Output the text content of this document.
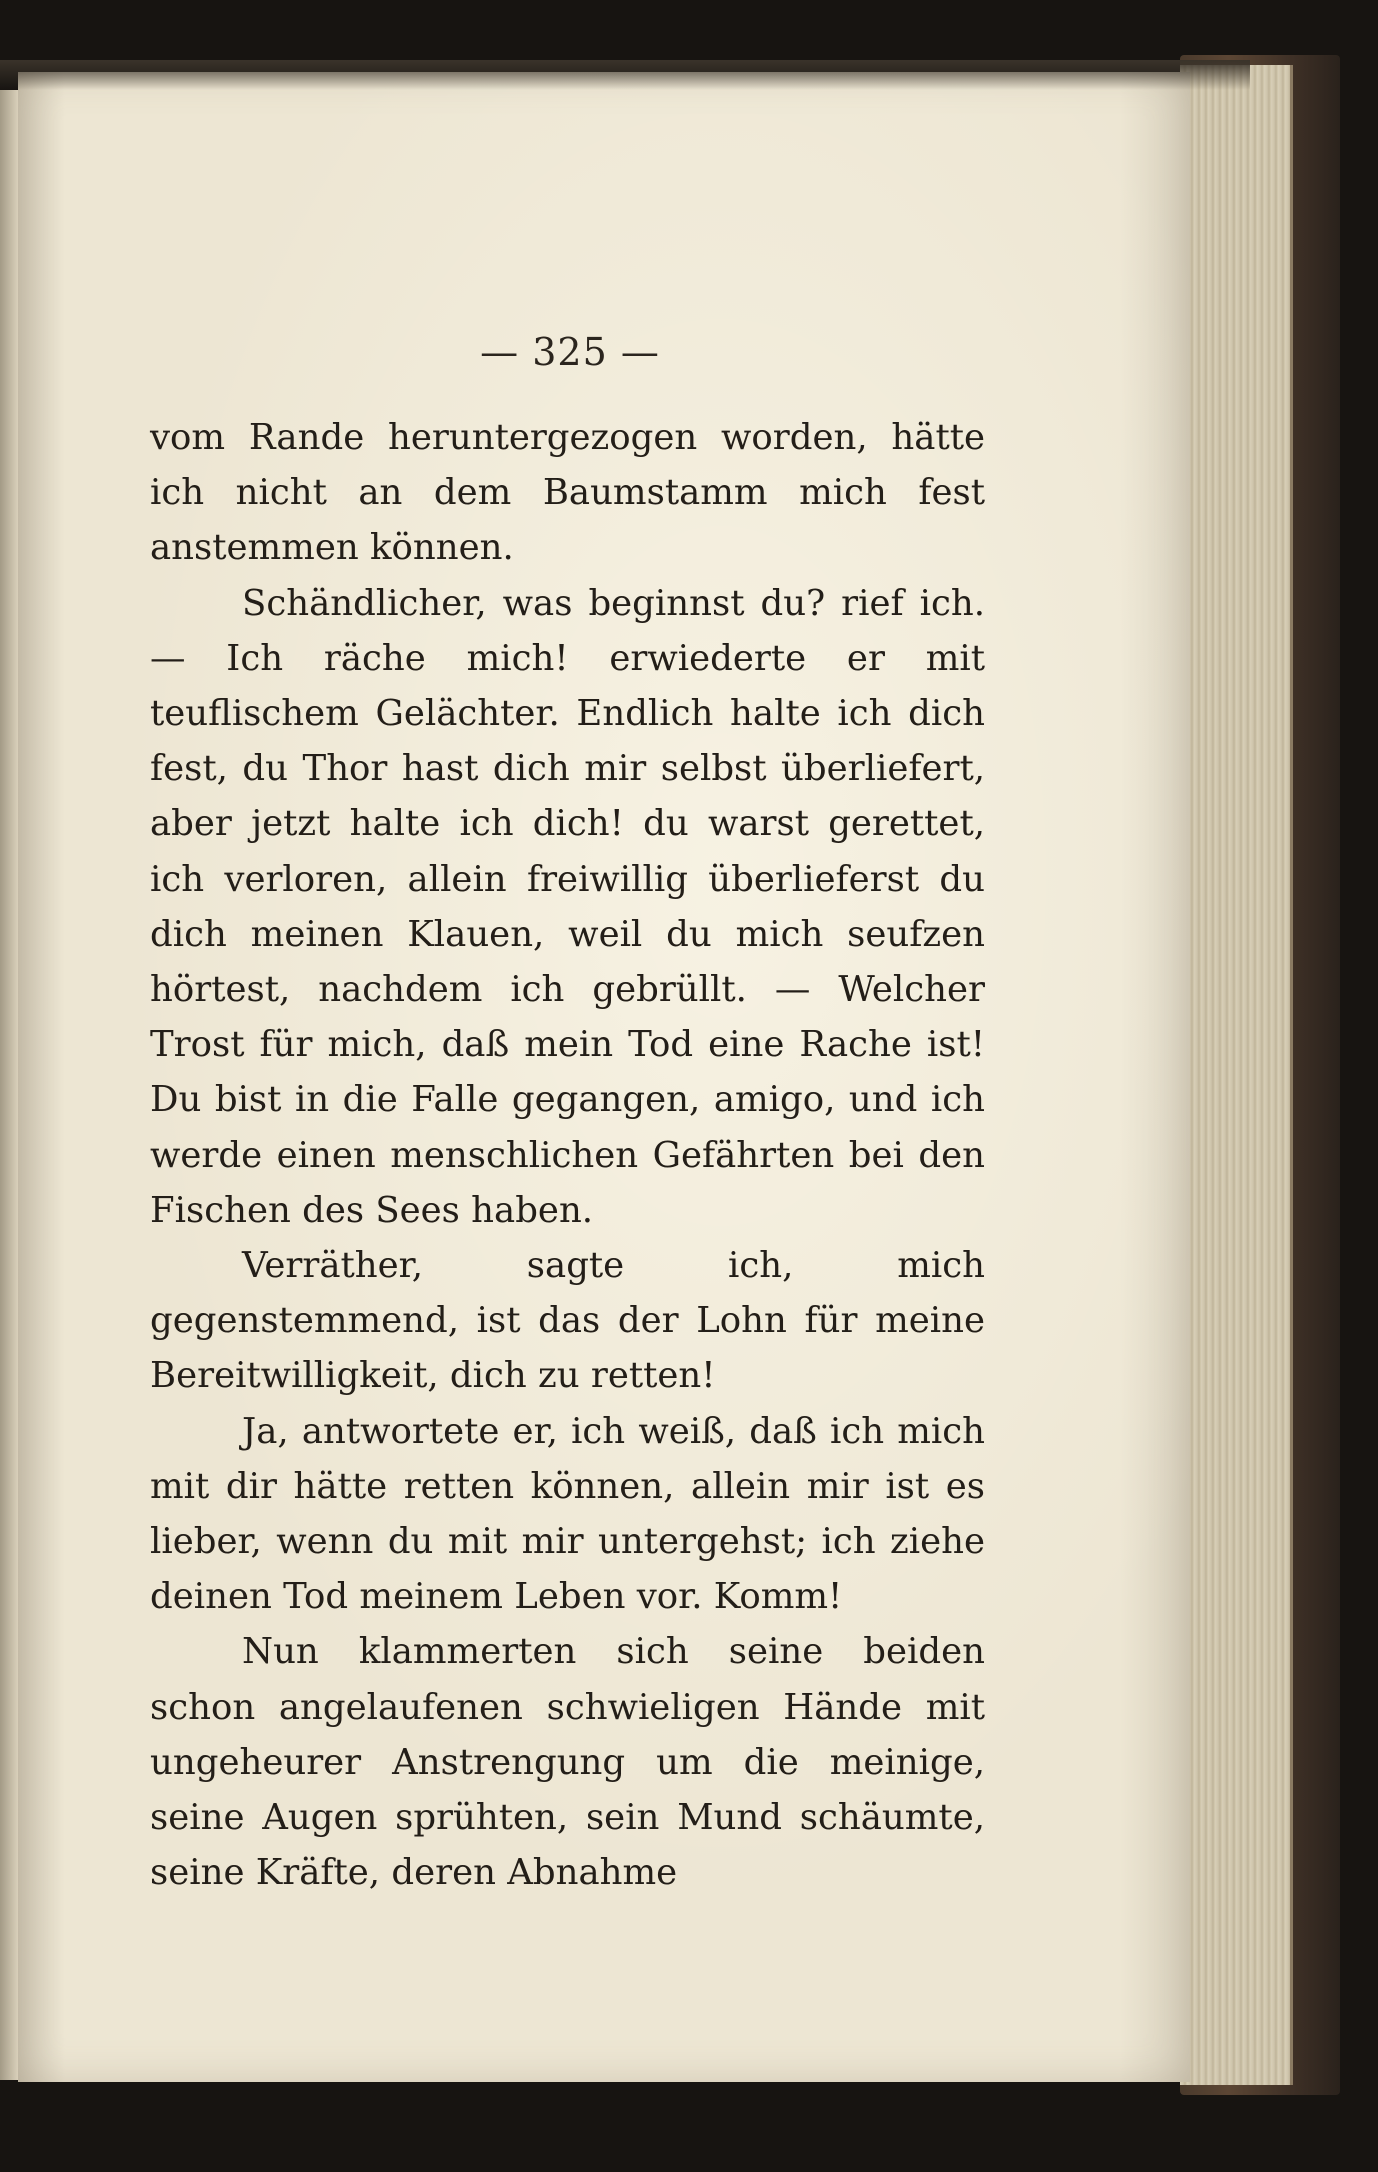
— 325 —

vom Rande heruntergezogen worden, hätte ich nicht an dem Baumstamm mich fest anstemmen können.

Schändlicher, was beginnst du? rief ich. — Ich räche mich! erwiederte er mit teuflischem Gelächter. Endlich halte ich dich fest, du Thor hast dich mir selbst überliefert, aber jetzt halte ich dich! du warst gerettet, ich verloren, allein freiwillig überlieferst du dich meinen Klauen, weil du mich seufzen hörtest, nachdem ich gebrüllt. — Welcher Trost für mich, daß mein Tod eine Rache ist! Du bist in die Falle gegangen, amigo, und ich werde einen menschlichen Gefährten bei den Fischen des Sees haben.

Verräther, sagte ich, mich gegenstemmend, ist das der Lohn für meine Bereitwilligkeit, dich zu retten!

Ja, antwortete er, ich weiß, daß ich mich mit dir hätte retten können, allein mir ist es lieber, wenn du mit mir untergehst; ich ziehe deinen Tod meinem Leben vor. Komm!

Nun klammerten sich seine beiden schon angelaufenen schwieligen Hände mit ungeheurer Anstrengung um die meinige, seine Augen sprühten, sein Mund schäumte, seine Kräfte, deren Abnahme
